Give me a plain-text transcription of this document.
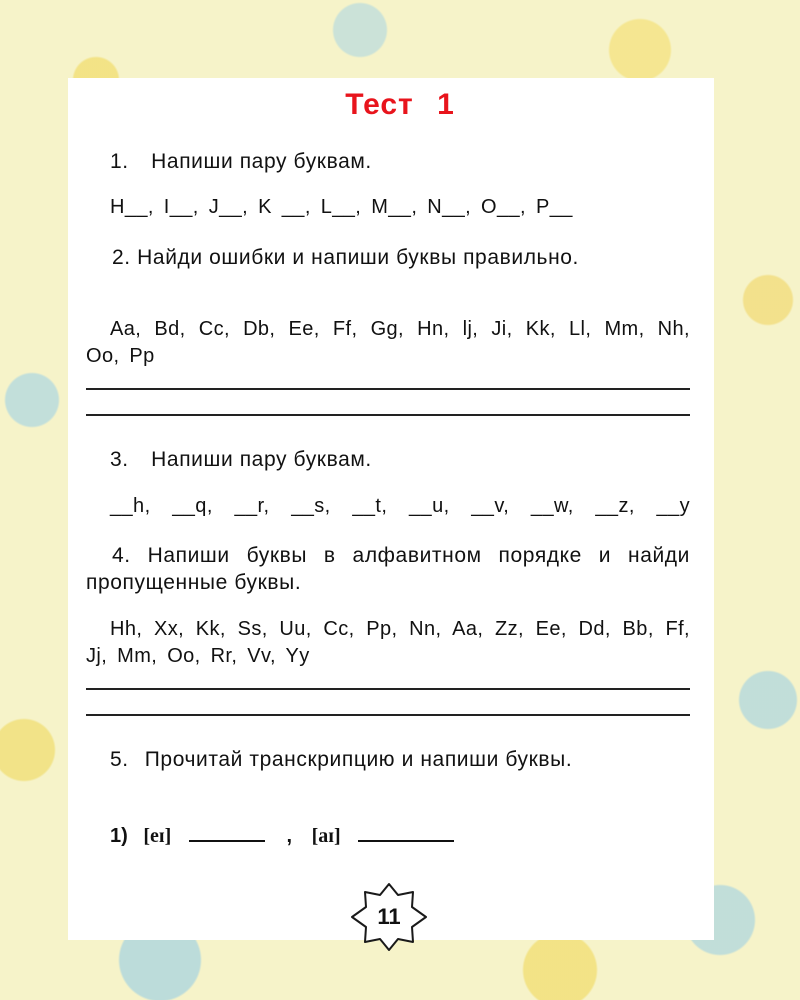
Тест 1
1. Напиши пару буквам.
H__, I__, J__, K __, L__, M__, N__, O__, P__
2. Найди ошибки и напиши буквы правильно.
Aa, Bd, Cc, Db, Ee, Ff, Gg, Hn, lj, Ji, Kk, Ll, Mm, Nh, Oo, Pp
3. Напиши пару буквам.
__h, __q, __r, __s, __t, __u, __v, __w, __z, __y
4. Напиши буквы в алфавитном порядке и найди пропущенные буквы.
Hh, Xx, Kk, Ss, Uu, Cc, Pp, Nn, Aa, Zz, Ee, Dd, Bb, Ff, Jj, Mm, Oo, Rr, Vv, Yy
5. Прочитай транскрипцию и напиши буквы.
1) [eɪ]	, [aɪ]
11
